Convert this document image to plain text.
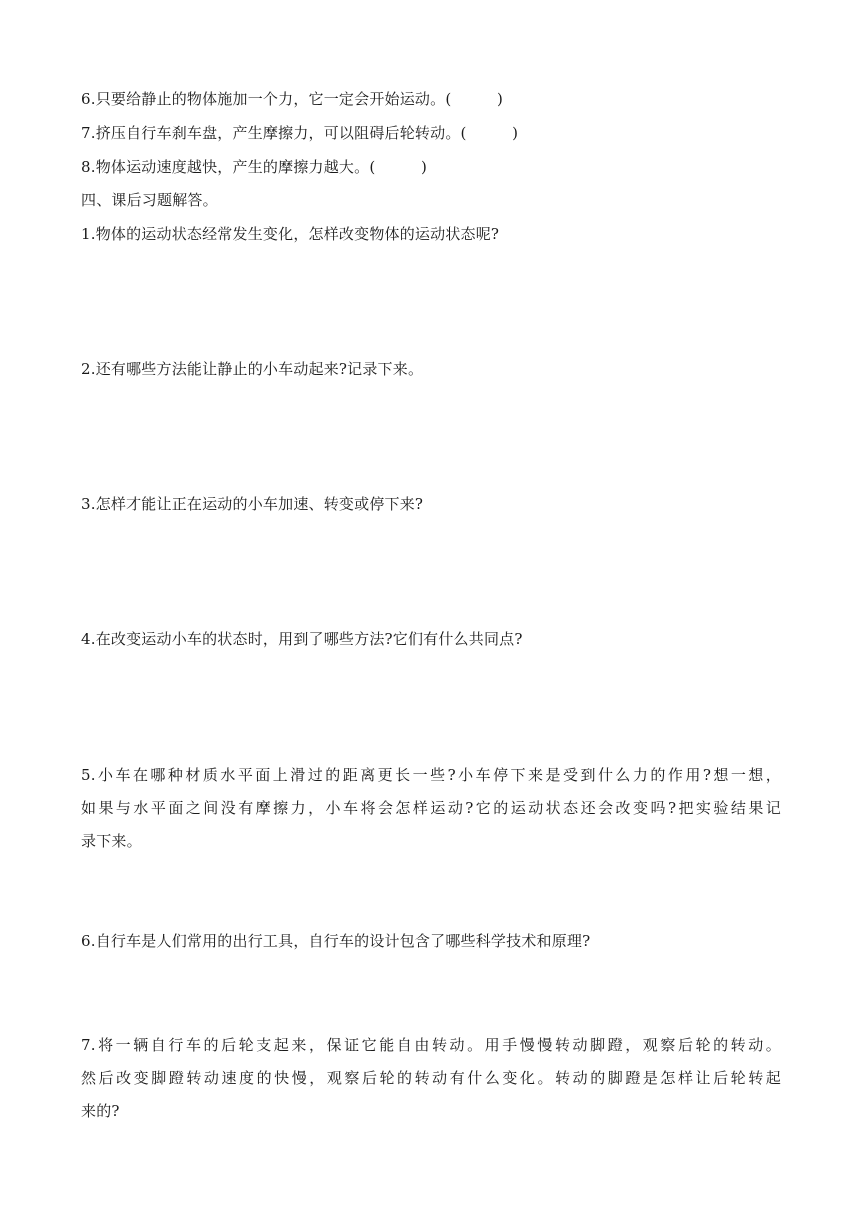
6.只要给静止的物体施加一个力，它一定会开始运动。(　　　)
7.挤压自行车刹车盘，产生摩擦力，可以阻碍后轮转动。(　　　)
8.物体运动速度越快，产生的摩擦力越大。(　　　)
四、课后习题解答。
1.物体的运动状态经常发生变化，怎样改变物体的运动状态呢?
2.还有哪些方法能让静止的小车动起来?记录下来。
3.怎样才能让正在运动的小车加速、转变或停下来?
4.在改变运动小车的状态时，用到了哪些方法?它们有什么共同点?
5.小车在哪种材质水平面上滑过的距离更长一些?小车停下来是受到什么力的作用?想一想，
如果与水平面之间没有摩擦力，小车将会怎样运动?它的运动状态还会改变吗?把实验结果记
录下来。
6.自行车是人们常用的出行工具，自行车的设计包含了哪些科学技术和原理?
7.将一辆自行车的后轮支起来，保证它能自由转动。用手慢慢转动脚蹬，观察后轮的转动。
然后改变脚蹬转动速度的快慢，观察后轮的转动有什么变化。转动的脚蹬是怎样让后轮转起
来的?
